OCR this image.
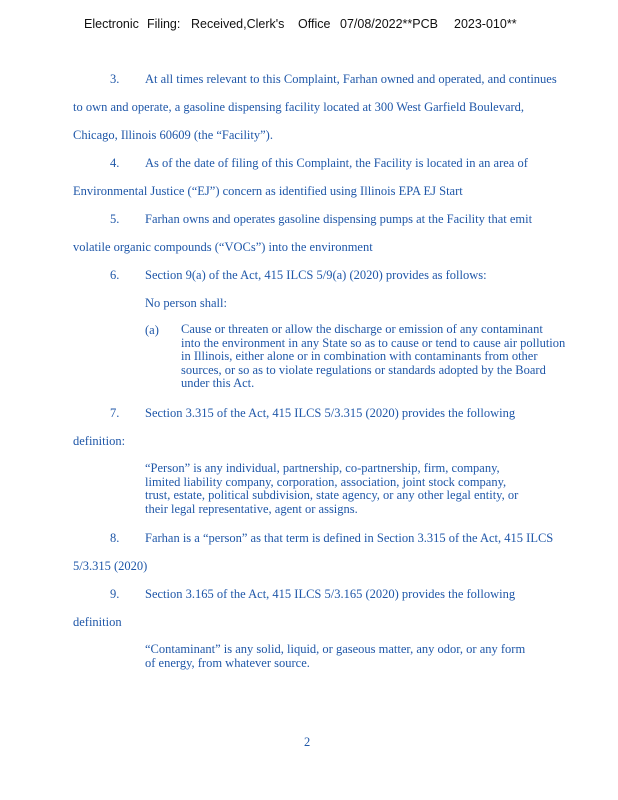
Electronic Filing: Received,Clerk's Office 07/08/2022**PCB 2023-010**
3. At all times relevant to this Complaint, Farhan owned and operated, and continues
to own and operate, a gasoline dispensing facility located at 300 West Garfield Boulevard,
Chicago, Illinois 60609 (the “Facility”).
4. As of the date of filing of this Complaint, the Facility is located in an area of
Environmental Justice (“EJ”) concern as identified using Illinois EPA EJ Start
5. Farhan owns and operates gasoline dispensing pumps at the Facility that emit
volatile organic compounds (“VOCs”) into the environment
6. Section 9(a) of the Act, 415 ILCS 5/9(a) (2020) provides as follows:
No person shall:
(a) Cause or threaten or allow the discharge or emission of any contaminant
into the environment in any State so as to cause or tend to cause air pollution
in Illinois, either alone or in combination with contaminants from other
sources, or so as to violate regulations or standards adopted by the Board
under this Act.
7. Section 3.315 of the Act, 415 ILCS 5/3.315 (2020) provides the following
definition:
“Person” is any individual, partnership, co-partnership, firm, company,
limited liability company, corporation, association, joint stock company,
trust, estate, political subdivision, state agency, or any other legal entity, or
their legal representative, agent or assigns.
8. Farhan is a “person” as that term is defined in Section 3.315 of the Act, 415 ILCS
5/3.315 (2020)
9. Section 3.165 of the Act, 415 ILCS 5/3.165 (2020) provides the following
definition
“Contaminant” is any solid, liquid, or gaseous matter, any odor, or any form
of energy, from whatever source.
2
